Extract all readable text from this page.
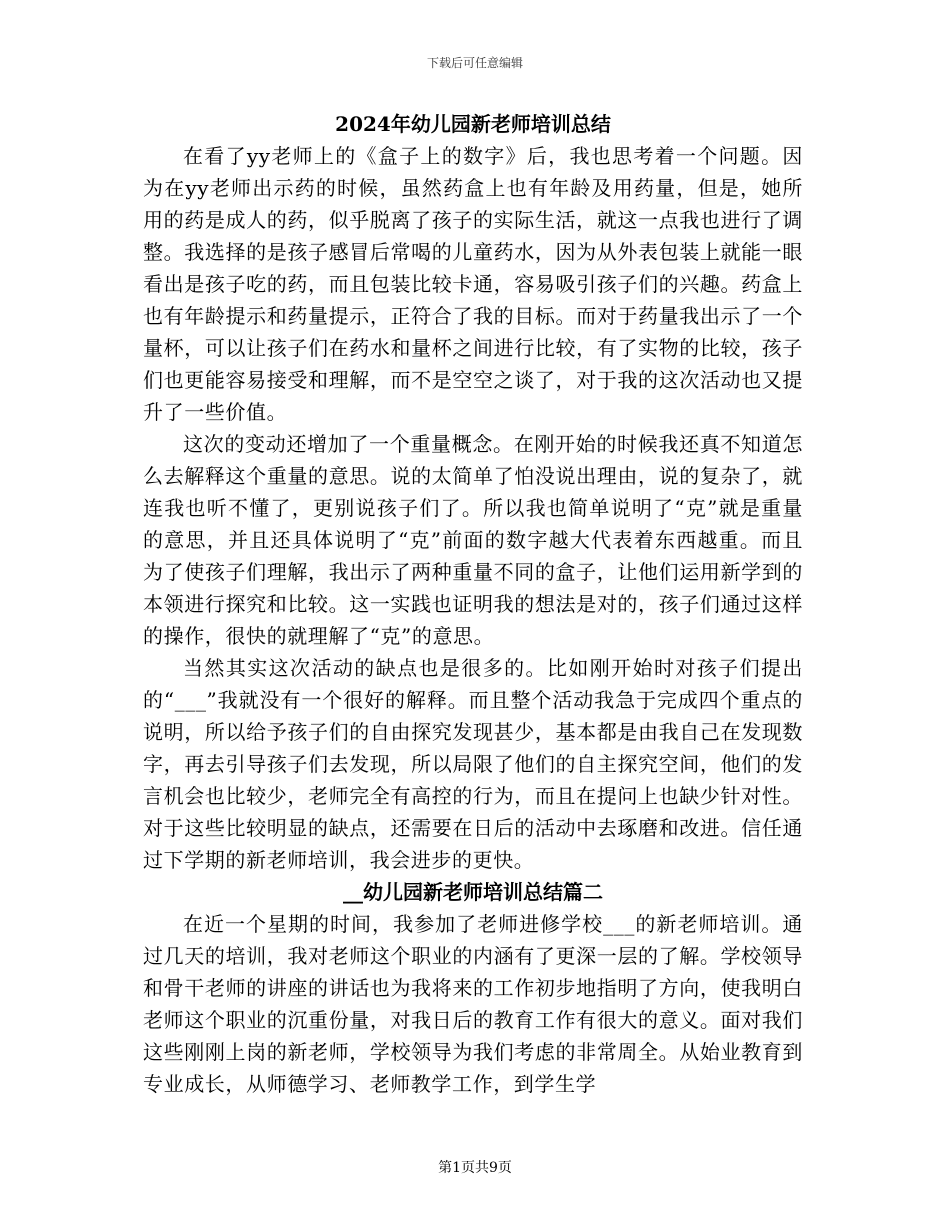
下载后可任意编辑
2024年幼儿园新老师培训总结

在看了yy老师上的《盒子上的数字》后，我也思考着一个问题。因为在yy老师出示药的时候，虽然药盒上也有年龄及用药量，但是，她所用的药是成人的药，似乎脱离了孩子的实际生活，就这一点我也进行了调整。我选择的是孩子感冒后常喝的儿童药水，因为从外表包装上就能一眼看出是孩子吃的药，而且包装比较卡通，容易吸引孩子们的兴趣。药盒上也有年龄提示和药量提示，正符合了我的目标。而对于药量我出示了一个量杯，可以让孩子们在药水和量杯之间进行比较，有了实物的比较，孩子们也更能容易接受和理解，而不是空空之谈了，对于我的这次活动也又提升了一些价值。

这次的变动还增加了一个重量概念。在刚开始的时候我还真不知道怎么去解释这个重量的意思。说的太简单了怕没说出理由，说的复杂了，就连我也听不懂了，更别说孩子们了。所以我也简单说明了“克”就是重量的意思，并且还具体说明了“克”前面的数字越大代表着东西越重。而且为了使孩子们理解，我出示了两种重量不同的盒子，让他们运用新学到的本领进行探究和比较。这一实践也证明我的想法是对的，孩子们通过这样的操作，很快的就理解了“克”的意思。

当然其实这次活动的缺点也是很多的。比如刚开始时对孩子们提出的“___”我就没有一个很好的解释。而且整个活动我急于完成四个重点的说明，所以给予孩子们的自由探究发现甚少，基本都是由我自己在发现数字，再去引导孩子们去发现，所以局限了他们的自主探究空间，他们的发言机会也比较少，老师完全有高控的行为，而且在提问上也缺少针对性。对于这些比较明显的缺点，还需要在日后的活动中去琢磨和改进。信任通过下学期的新老师培训，我会进步的更快。

__幼儿园新老师培训总结篇二

在近一个星期的时间，我参加了老师进修学校___的新老师培训。通过几天的培训，我对老师这个职业的内涵有了更深一层的了解。学校领导和骨干老师的讲座的讲话也为我将来的工作初步地指明了方向，使我明白老师这个职业的沉重份量，对我日后的教育工作有很大的意义。面对我们这些刚刚上岗的新老师，学校领导为我们考虑的非常周全。从始业教育到专业成长，从师德学习、老师教学工作，到学生学

第1页共9页
